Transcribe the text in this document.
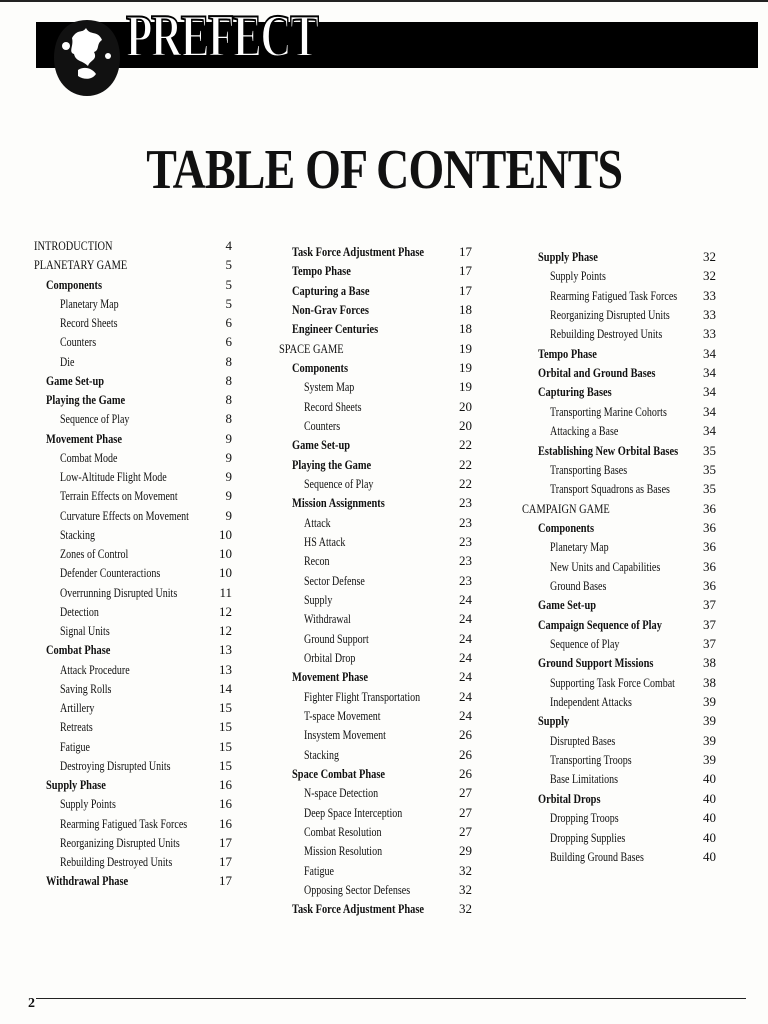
PREFECT
TABLE OF CONTENTS
INTRODUCTION	4
PLANETARY GAME	5
Components	5
Planetary Map	5
Record Sheets	6
Counters	6
Die	8
Game Set-up	8
Playing the Game	8
Sequence of Play	8
Movement Phase	9
Combat Mode	9
Low-Altitude Flight Mode	9
Terrain Effects on Movement	9
Curvature Effects on Movement	9
Stacking	10
Zones of Control	10
Defender Counteractions	10
Overrunning Disrupted Units	11
Detection	12
Signal Units	12
Combat Phase	13
Attack Procedure	13
Saving Rolls	14
Artillery	15
Retreats	15
Fatigue	15
Destroying Disrupted Units	15
Supply Phase	16
Supply Points	16
Rearming Fatigued Task Forces	16
Reorganizing Disrupted Units	17
Rebuilding Destroyed Units	17
Withdrawal Phase	17
Task Force Adjustment Phase	17
Tempo Phase	17
Capturing a Base	17
Non-Grav Forces	18
Engineer Centuries	18
SPACE GAME	19
Components	19
System Map	19
Record Sheets	20
Counters	20
Game Set-up	22
Playing the Game	22
Sequence of Play	22
Mission Assignments	23
Attack	23
HS Attack	23
Recon	23
Sector Defense	23
Supply	24
Withdrawal	24
Ground Support	24
Orbital Drop	24
Movement Phase	24
Fighter Flight Transportation	24
T-space Movement	24
Insystem Movement	26
Stacking	26
Space Combat Phase	26
N-space Detection	27
Deep Space Interception	27
Combat Resolution	27
Mission Resolution	29
Fatigue	32
Opposing Sector Defenses	32
Task Force Adjustment Phase	32
Supply Phase	32
Supply Points	32
Rearming Fatigued Task Forces	33
Reorganizing Disrupted Units	33
Rebuilding Destroyed Units	33
Tempo Phase	34
Orbital and Ground Bases	34
Capturing Bases	34
Transporting Marine Cohorts	34
Attacking a Base	34
Establishing New Orbital Bases	35
Transporting Bases	35
Transport Squadrons as Bases	35
CAMPAIGN GAME	36
Components	36
Planetary Map	36
New Units and Capabilities	36
Ground Bases	36
Game Set-up	37
Campaign Sequence of Play	37
Sequence of Play	37
Ground Support Missions	38
Supporting Task Force Combat	38
Independent Attacks	39
Supply	39
Disrupted Bases	39
Transporting Troops	39
Base Limitations	40
Orbital Drops	40
Dropping Troops	40
Dropping Supplies	40
Building Ground Bases	40
2
